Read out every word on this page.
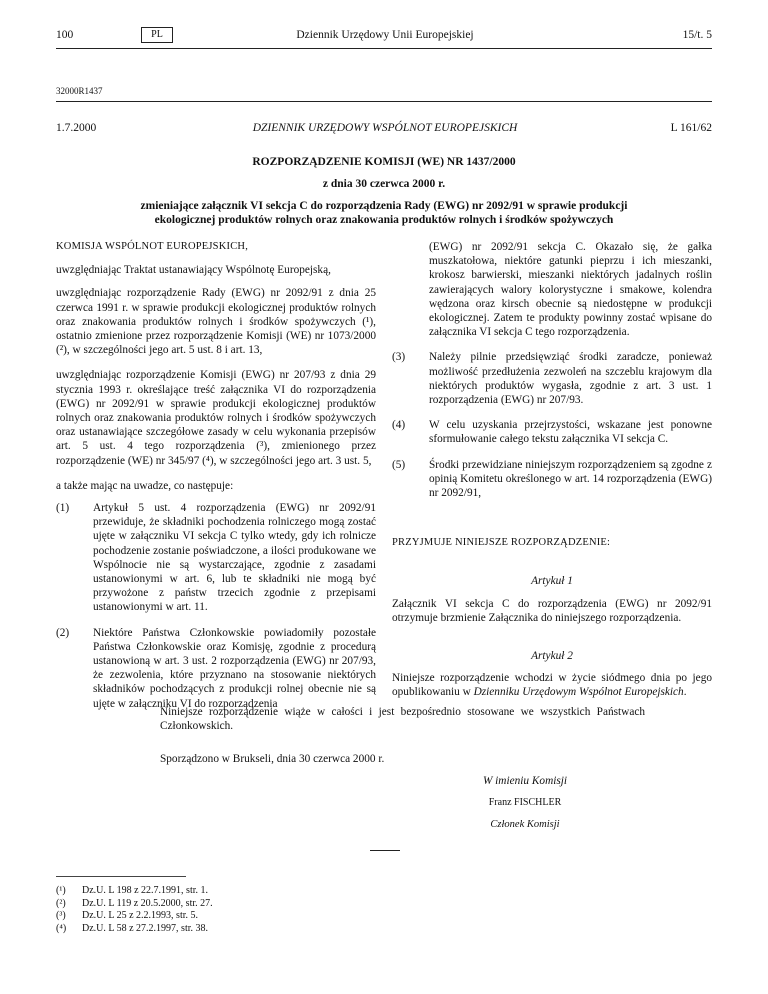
100	PL	Dziennik Urzędowy Unii Europejskiej	15/t. 5
32000R1437
1.7.2000	DZIENNIK URZĘDOWY WSPÓLNOT EUROPEJSKICH	L 161/62
ROZPORZĄDZENIE KOMISJI (WE) NR 1437/2000
z dnia 30 czerwca 2000 r.
zmieniające załącznik VI sekcja C do rozporządzenia Rady (EWG) nr 2092/91 w sprawie produkcji
ekologicznej produktów rolnych oraz znakowania produktów rolnych i środków spożywczych

KOMISJA WSPÓLNOT EUROPEJSKICH,

uwzględniając Traktat ustanawiający Wspólnotę Europejską,

uwzględniając rozporządzenie Rady (EWG) nr 2092/91 z dnia 25 czerwca 1991 r. w sprawie produkcji ekologicznej produktów rolnych oraz znakowania produktów rolnych i środków spożywczych (¹), ostatnio zmienione przez rozporządzenie Komisji (WE) nr 1073/2000 (²), w szczególności jego art. 5 ust. 8 i art. 13,

uwzględniając rozporządzenie Komisji (EWG) nr 207/93 z dnia 29 stycznia 1993 r. określające treść załącznika VI do rozporządzenia (EWG) nr 2092/91 w sprawie produkcji ekologicznej produktów rolnych oraz znakowania produktów rolnych i środków spożywczych oraz ustanawiające szczegółowe zasady w celu wykonania przepisów art. 5 ust. 4 tego rozporządzenia (³), zmienionego przez rozporządzenie (WE) nr 345/97 (⁴), w szczególności jego art. 3 ust. 5,

a także mając na uwadze, co następuje:

(1) Artykuł 5 ust. 4 rozporządzenia (EWG) nr 2092/91 przewiduje, że składniki pochodzenia rolniczego mogą zostać ujęte w załączniku VI sekcja C tylko wtedy, gdy ich rolnicze pochodzenie zostanie poświadczone, a ilości produkowane we Wspólnocie nie są wystarczające, zgodnie z zasadami ustanowionymi w art. 6, lub te składniki nie mogą być przywożone z państw trzecich zgodnie z przepisami ustanowionymi w art. 11.

(2) Niektóre Państwa Członkowskie powiadomiły pozostałe Państwa Członkowskie oraz Komisję, zgodnie z procedurą ustanowioną w art. 3 ust. 2 rozporządzenia (EWG) nr 207/93, że zezwolenia, które przyznano na stosowanie niektórych składników pochodzących z produkcji rolnej obecnie nie są ujęte w załączniku VI do rozporządzenia

(EWG) nr 2092/91 sekcja C. Okazało się, że gałka muszkatołowa, niektóre gatunki pieprzu i ich mieszanki, krokosz barwierski, mieszanki niektórych jadalnych roślin zawierających walory kolorystyczne i smakowe, kolendra wędzona oraz kirsch obecnie są niedostępne w produkcji ekologicznej. Zatem te produkty powinny zostać wpisane do załącznika VI sekcja C tego rozporządzenia.

(3) Należy pilnie przedsięwziąć środki zaradcze, ponieważ możliwość przedłużenia zezwoleń na szczeblu krajowym dla niektórych produktów wygasła, zgodnie z art. 3 ust. 1 rozporządzenia (EWG) nr 207/93.

(4) W celu uzyskania przejrzystości, wskazane jest ponowne sformułowanie całego tekstu załącznika VI sekcja C.

(5) Środki przewidziane niniejszym rozporządzeniem są zgodne z opinią Komitetu określonego w art. 14 rozporządzenia (EWG) nr 2092/91,

PRZYJMUJE NINIEJSZE ROZPORZĄDZENIE:

Artykuł 1

Załącznik VI sekcja C do rozporządzenia (EWG) nr 2092/91 otrzymuje brzmienie Załącznika do niniejszego rozporządzenia.

Artykuł 2

Niniejsze rozporządzenie wchodzi w życie siódmego dnia po jego opublikowaniu w Dzienniku Urzędowym Wspólnot Europejskich.

Niniejsze rozporządzenie wiąże w całości i jest bezpośrednio stosowane we wszystkich Państwach Członkowskich.
Sporządzono w Brukseli, dnia 30 czerwca 2000 r.
W imieniu Komisji
Franz FISCHLER
Członek Komisji
(¹) Dz.U. L 198 z 22.7.1991, str. 1.
(²) Dz.U. L 119 z 20.5.2000, str. 27.
(³) Dz.U. L 25 z 2.2.1993, str. 5.
(⁴) Dz.U. L 58 z 27.2.1997, str. 38.
